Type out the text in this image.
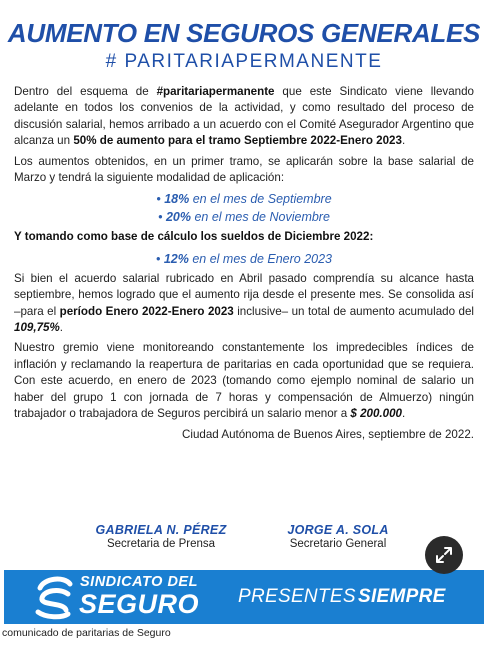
AUMENTO EN SEGUROS GENERALES
# PARITARIAPERMANENTE

Dentro del esquema de #paritariapermanente que este Sindicato viene llevando adelante en todos los convenios de la actividad, y como resultado del proceso de discusión salarial, hemos arribado a un acuerdo con el Comité Asegurador Argentino que alcanza un 50% de aumento para el tramo Septiembre 2022-Enero 2023.

Los aumentos obtenidos, en un primer tramo, se aplicarán sobre la base salarial de Marzo y tendrá la siguiente modalidad de aplicación:

• 18% en el mes de Septiembre
• 20% en el mes de Noviembre

Y tomando como base de cálculo los sueldos de Diciembre 2022:

• 12% en el mes de Enero 2023

Si bien el acuerdo salarial rubricado en Abril pasado comprendía su alcance hasta septiembre, hemos logrado que el aumento rija desde el presente mes. Se consolida así –para el período Enero 2022-Enero 2023 inclusive– un total de aumento acumulado del 109,75%.

Nuestro gremio viene monitoreando constantemente los impredecibles índices de inflación y reclamando la reapertura de paritarias en cada oportunidad que se requiera. Con este acuerdo, en enero de 2023 (tomando como ejemplo nominal de salario un haber del grupo 1 con jornada de 7 horas y compensación de Almuerzo) ningún trabajador o trabajadora de Seguros percibirá un salario menor a $ 200.000.

Ciudad Autónoma de Buenos Aires, septiembre de 2022.

GABRIELA N. PÉREZ
Secretaria de Prensa
JORGE A. SOLA
Secretario General
SINDICATO DEL
SEGURO PRESENTES SIEMPRE
comunicado de paritarias de Seguro
